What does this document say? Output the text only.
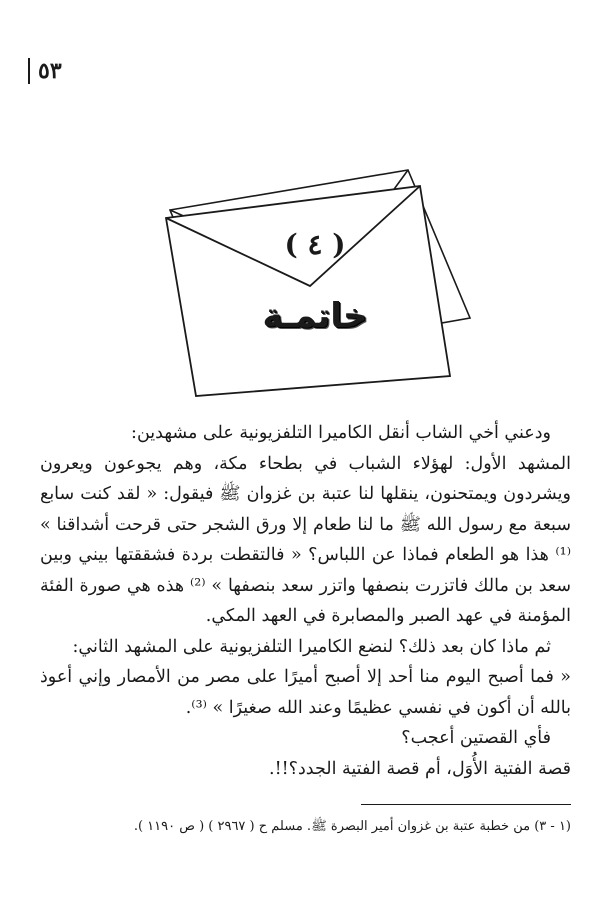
٥٣
( ٤ )
خاتمـة

ودعني أخي الشاب أنقل الكاميرا التلفزيونية على مشهدين:

المشهد الأول: لهؤلاء الشباب في بطحاء مكة، وهم يجوعون ويعرون ويشردون ويمتحنون، ينقلها لنا عتبة بن غزوان ﷺ فيقول: « لقد كنت سابع سبعة مع رسول الله ﷺ ما لنا طعام إلا ورق الشجر حتى قرحت أشداقنا » ⁽¹⁾ هذا هو الطعام فماذا عن اللباس؟ « فالتقطت بردة فشققتها بيني وبين سعد بن مالك فاتزرت بنصفها واتزر سعد بنصفها » ⁽²⁾ هذه هي صورة الفئة المؤمنة في عهد الصبر والمصابرة في العهد المكي.

ثم ماذا كان بعد ذلك؟ لنضع الكاميرا التلفزيونية على المشهد الثاني:

« فما أصبح اليوم منا أحد إلا أصبح أميرًا على مصر من الأمصار وإني أعوذ بالله أن أكون في نفسي عظيمًا وعند الله صغيرًا » ⁽³⁾.

فأي القصتين أعجب؟

قصة الفتية الأُوَل، أم قصة الفتية الجدد؟!!.

(١ - ٣) من خطبة عتبة بن غزوان أمير البصرة ﷺ. مسلم ح ( ٢٩٦٧ ) ( ص ١١٩٠ ).
